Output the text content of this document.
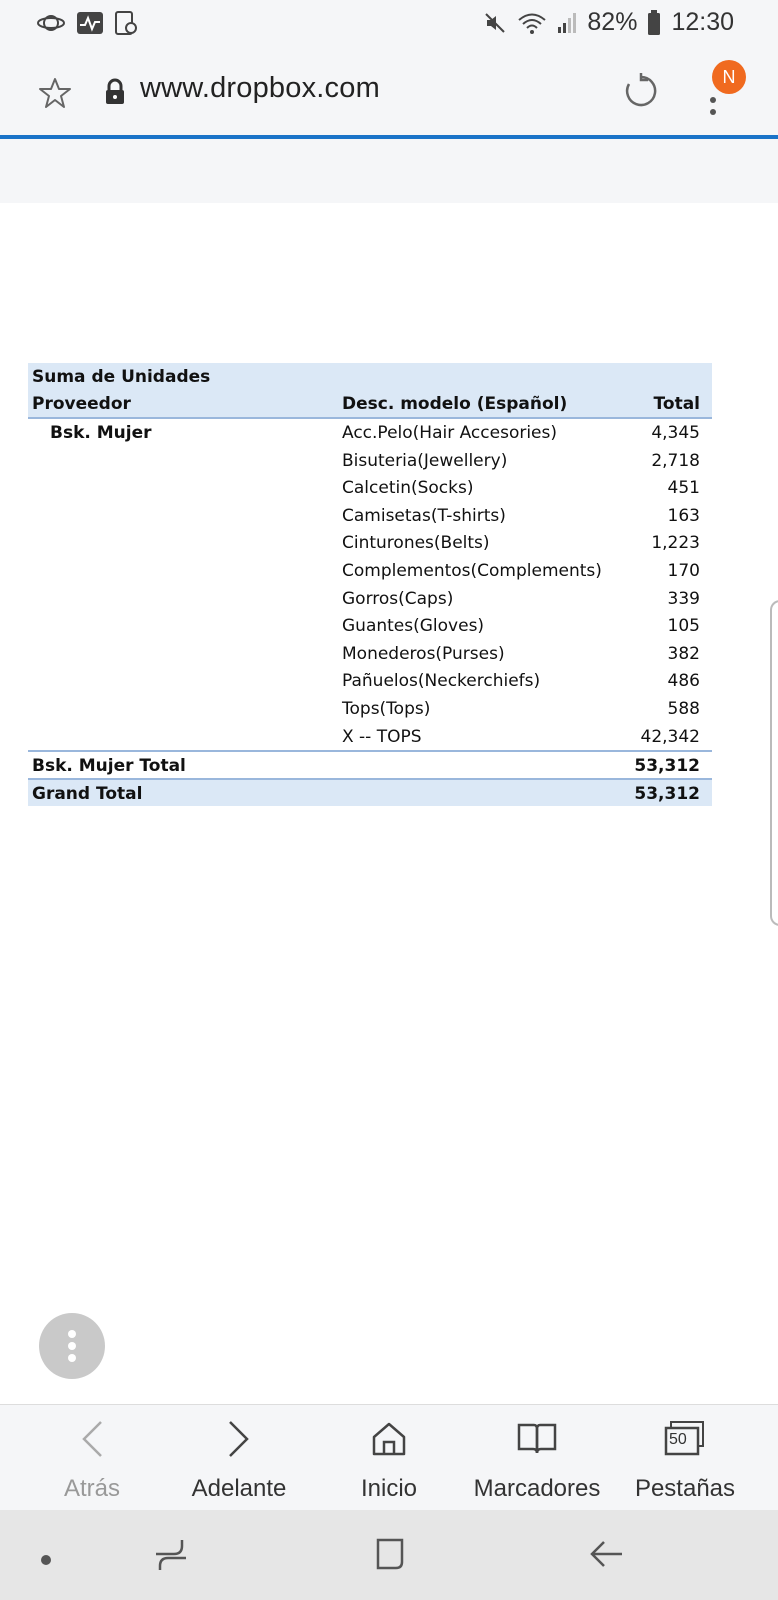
82% 12:30
www.dropbox.com	N
Suma de Unidades
Proveedor	Desc. modelo (Español)	Total
Bsk. Mujer	Acc.Pelo(Hair Accesories)	4,345
Bisuteria(Jewellery)	2,718
Calcetin(Socks)	451
Camisetas(T-shirts)	163
Cinturones(Belts)	1,223
Complementos(Complements)	170
Gorros(Caps)	339
Guantes(Gloves)	105
Monederos(Purses)	382
Pañuelos(Neckerchiefs)	486
Tops(Tops)	588
X -- TOPS	42,342
Bsk. Mujer Total	53,312
Grand Total	53,312
Atrás	Adelante	Inicio	Marcadores
50
Pestañas
